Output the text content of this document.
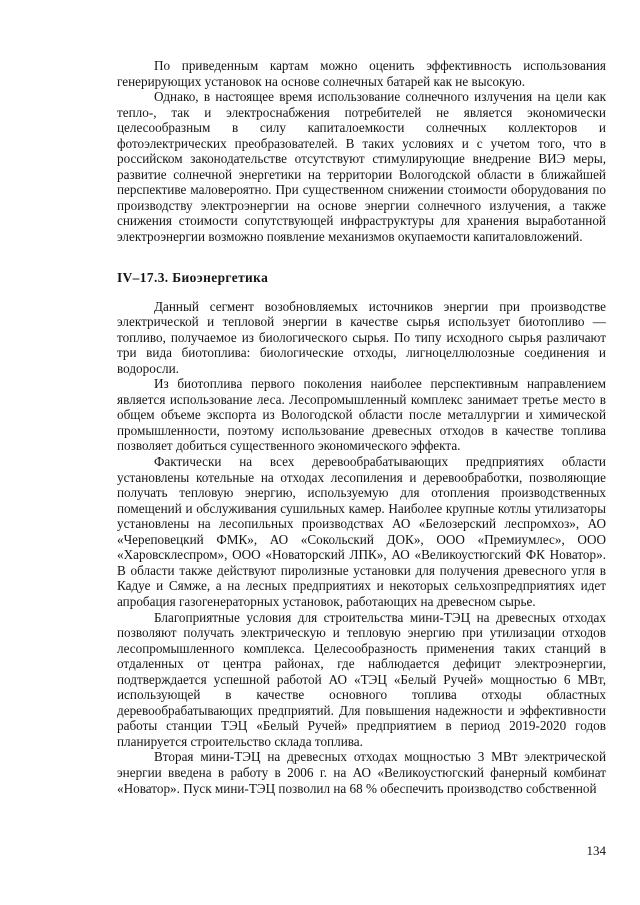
По приведенным картам можно оценить эффективность использования генерирующих установок на основе солнечных батарей как не высокую.

Однако, в настоящее время использование солнечного излучения на цели как тепло-, так и электроснабжения потребителей не является экономически целесообразным в силу капиталоемкости солнечных коллекторов и фотоэлектрических преобразователей. В таких условиях и с учетом того, что в российском законодательстве отсутствуют стимулирующие внедрение ВИЭ меры, развитие солнечной энергетики на территории Вологодской области в ближайшей перспективе маловероятно. При существенном снижении стоимости оборудования по производству электроэнергии на основе энергии солнечного излучения, а также снижения стоимости сопутствующей инфраструктуры для хранения выработанной электроэнергии возможно появление механизмов окупаемости капиталовложений.

IV–17.3. Биоэнергетика

Данный сегмент возобновляемых источников энергии при производстве электрической и тепловой энергии в качестве сырья использует биотопливо — топливо, получаемое из биологического сырья. По типу исходного сырья различают три вида биотоплива: биологические отходы, лигноцеллюлозные соединения и водоросли.

Из биотоплива первого поколения наиболее перспективным направлением является использование леса. Лесопромышленный комплекс занимает третье место в общем объеме экспорта из Вологодской области после металлургии и химической промышленности, поэтому использование древесных отходов в качестве топлива позволяет добиться существенного экономического эффекта.

Фактически на всех деревообрабатывающих предприятиях области установлены котельные на отходах лесопиления и деревообработки, позволяющие получать тепловую энергию, используемую для отопления производственных помещений и обслуживания сушильных камер. Наиболее крупные котлы утилизаторы установлены на лесопильных производствах АО «Белозерский леспромхоз», АО «Череповецкий ФМК», АО «Сокольский ДОК», ООО «Премиумлес», ООО «Харовсклеспром», ООО «Новаторский ЛПК», АО «Великоустюгский ФК Новатор». В области также действуют пиролизные установки для получения древесного угля в Кадуе и Сямже, а на лесных предприятиях и некоторых сельхозпредприятиях идет апробация газогенераторных установок, работающих на древесном сырье.

Благоприятные условия для строительства мини-ТЭЦ на древесных отходах позволяют получать электрическую и тепловую энергию при утилизации отходов лесопромышленного комплекса. Целесообразность применения таких станций в отдаленных от центра районах, где наблюдается дефицит электроэнергии, подтверждается успешной работой АО «ТЭЦ «Белый Ручей» мощностью 6 МВт, использующей в качестве основного топлива отходы областных деревообрабатывающих предприятий. Для повышения надежности и эффективности работы станции ТЭЦ «Белый Ручей» предприятием в период 2019-2020 годов планируется строительство склада топлива.

Вторая мини-ТЭЦ на древесных отходах мощностью 3 МВт электрической энергии введена в работу в 2006 г. на АО «Великоустюгский фанерный комбинат «Новатор». Пуск мини-ТЭЦ позволил на 68 % обеспечить производство собственной

134
